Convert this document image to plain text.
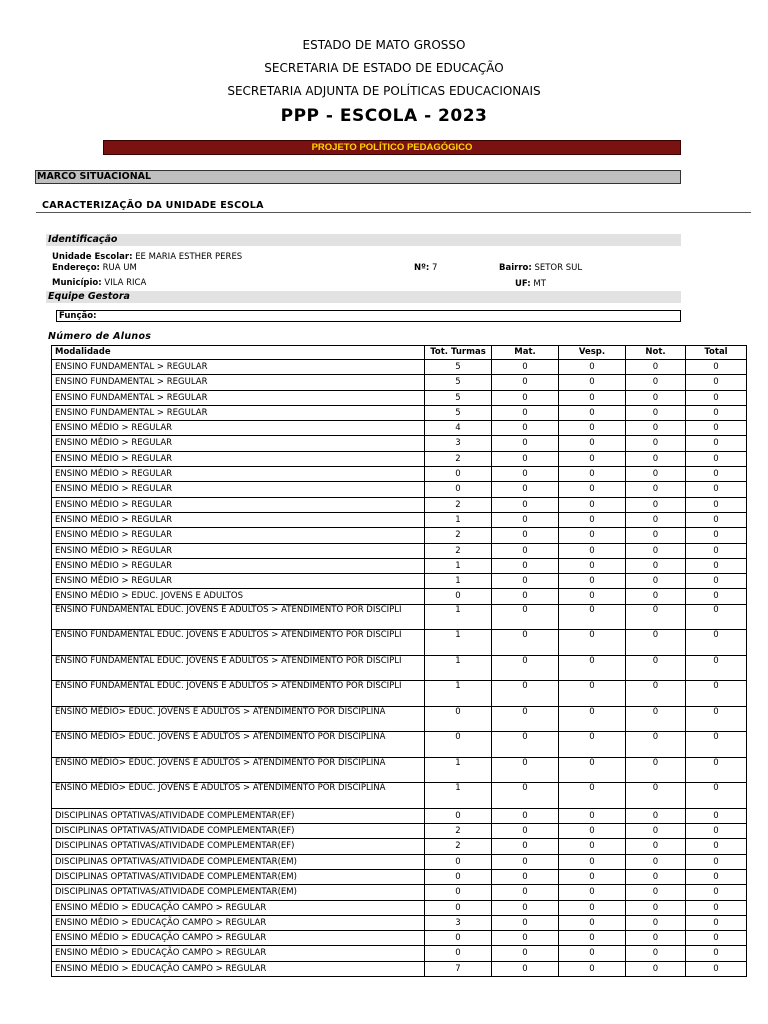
ESTADO DE MATO GROSSO
SECRETARIA DE ESTADO DE EDUCAÇÃO
SECRETARIA ADJUNTA DE POLÍTICAS EDUCACIONAIS
PPP - ESCOLA - 2023
PROJETO POLÍTICO PEDAGÓGICO
MARCO SITUACIONAL
CARACTERIZAÇÃO DA UNIDADE ESCOLA
Identificação
Unidade Escolar: EE MARIA ESTHER PERES
Endereço: RUA UM	Nº: 7	Bairro: SETOR SUL
Município: VILA RICA	UF: MT
Equipe Gestora
Função:
Número de Alunos
Modalidade	Tot. Turmas	Mat.	Vesp.	Not.	Total
ENSINO FUNDAMENTAL > REGULAR	5	0	0	0	0
ENSINO FUNDAMENTAL > REGULAR	5	0	0	0	0
ENSINO FUNDAMENTAL > REGULAR	5	0	0	0	0
ENSINO FUNDAMENTAL > REGULAR	5	0	0	0	0
ENSINO MÉDIO > REGULAR	4	0	0	0	0
ENSINO MÉDIO > REGULAR	3	0	0	0	0
ENSINO MÉDIO > REGULAR	2	0	0	0	0
ENSINO MÉDIO > REGULAR	0	0	0	0	0
ENSINO MÉDIO > REGULAR	0	0	0	0	0
ENSINO MÉDIO > REGULAR	2	0	0	0	0
ENSINO MÉDIO > REGULAR	1	0	0	0	0
ENSINO MÉDIO > REGULAR	2	0	0	0	0
ENSINO MÉDIO > REGULAR	2	0	0	0	0
ENSINO MÉDIO > REGULAR	1	0	0	0	0
ENSINO MÉDIO > REGULAR	1	0	0	0	0
ENSINO MÉDIO > EDUC. JOVENS E ADULTOS	0	0	0	0	0
ENSINO FUNDAMENTAL EDUC. JOVENS E ADULTOS > ATENDIMENTO POR DISCIPLI	1	0	0	0	0
ENSINO FUNDAMENTAL EDUC. JOVENS E ADULTOS > ATENDIMENTO POR DISCIPLI	1	0	0	0	0
ENSINO FUNDAMENTAL EDUC. JOVENS E ADULTOS > ATENDIMENTO POR DISCIPLI	1	0	0	0	0
ENSINO FUNDAMENTAL EDUC. JOVENS E ADULTOS > ATENDIMENTO POR DISCIPLI	1	0	0	0	0
ENSINO MÉDIO> EDUC. JOVENS E ADULTOS > ATENDIMENTO POR DISCIPLINA	0	0	0	0	0
ENSINO MÉDIO> EDUC. JOVENS E ADULTOS > ATENDIMENTO POR DISCIPLINA	0	0	0	0	0
ENSINO MÉDIO> EDUC. JOVENS E ADULTOS > ATENDIMENTO POR DISCIPLINA	1	0	0	0	0
ENSINO MÉDIO> EDUC. JOVENS E ADULTOS > ATENDIMENTO POR DISCIPLINA	1	0	0	0	0
DISCIPLINAS OPTATIVAS/ATIVIDADE COMPLEMENTAR(EF)	0	0	0	0	0
DISCIPLINAS OPTATIVAS/ATIVIDADE COMPLEMENTAR(EF)	2	0	0	0	0
DISCIPLINAS OPTATIVAS/ATIVIDADE COMPLEMENTAR(EF)	2	0	0	0	0
DISCIPLINAS OPTATIVAS/ATIVIDADE COMPLEMENTAR(EM)	0	0	0	0	0
DISCIPLINAS OPTATIVAS/ATIVIDADE COMPLEMENTAR(EM)	0	0	0	0	0
DISCIPLINAS OPTATIVAS/ATIVIDADE COMPLEMENTAR(EM)	0	0	0	0	0
ENSINO MÉDIO > EDUCAÇÃO CAMPO > REGULAR	0	0	0	0	0
ENSINO MÉDIO > EDUCAÇÃO CAMPO > REGULAR	3	0	0	0	0
ENSINO MÉDIO > EDUCAÇÃO CAMPO > REGULAR	0	0	0	0	0
ENSINO MÉDIO > EDUCAÇÃO CAMPO > REGULAR	0	0	0	0	0
ENSINO MÉDIO > EDUCAÇÃO CAMPO > REGULAR	7	0	0	0	0
